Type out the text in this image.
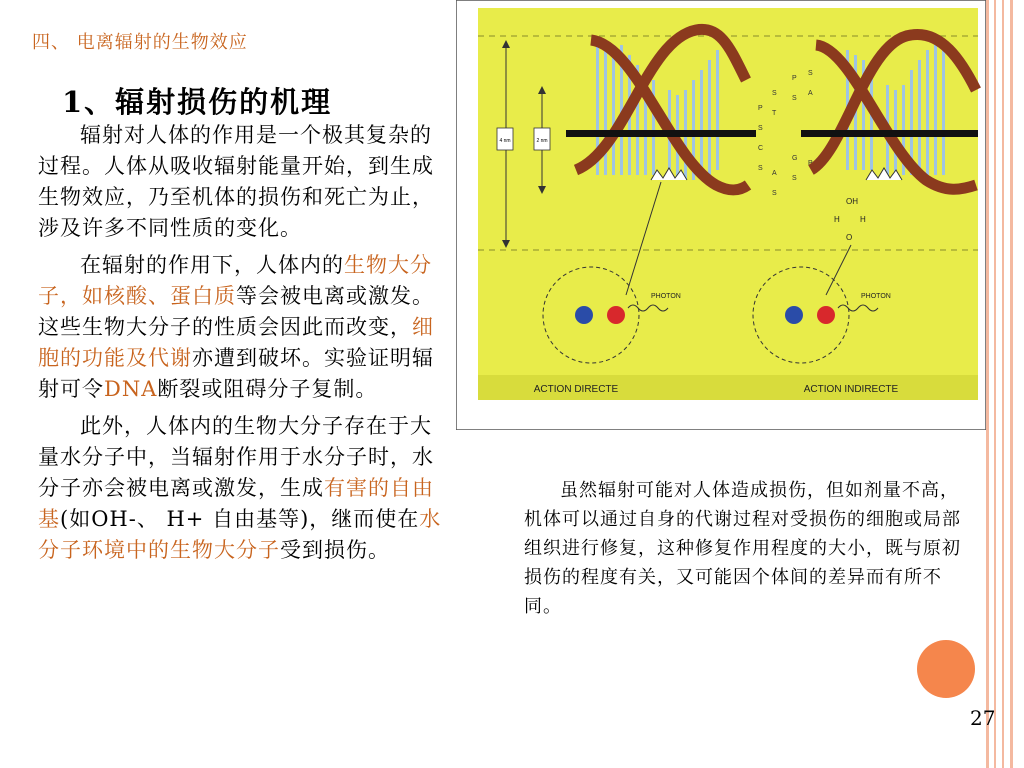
四、 电离辐射的生物效应
1、辐射损伤的机理

辐射对人体的作用是一个极其复杂的过程。人体从吸收辐射能量开始，到生成生物效应，乃至机体的损伤和死亡为止，涉及许多不同性质的变化。

在辐射的作用下，人体内的生物大分子，如核酸、蛋白质等会被电离或激发。这些生物大分子的性质会因此而改变，细胞的功能及代谢亦遭到破坏。实验证明辐射可令DNA断裂或阻碍分子复制。

此外，人体内的生物大分子存在于大量水分子中，当辐射作用于水分子时，水分子亦会被电离或激发，生成有害的自由基(如OH-、 H+ 自由基等)，继而使在水分子环境中的生物大分子受到损伤。

4 nm	2 nm
P
S
C
S
S
T
A
S
P
S
G
S
S
A
P
OH
H	H
O
PHOTON	PHOTON
ACTION DIRECTE	ACTION INDIRECTE

虽然辐射可能对人体造成损伤，但如剂量不高，机体可以通过自身的代谢过程对受损伤的细胞或局部组织进行修复，这种修复作用程度的大小，既与原初损伤的程度有关，又可能因个体间的差异而有所不同。

27
